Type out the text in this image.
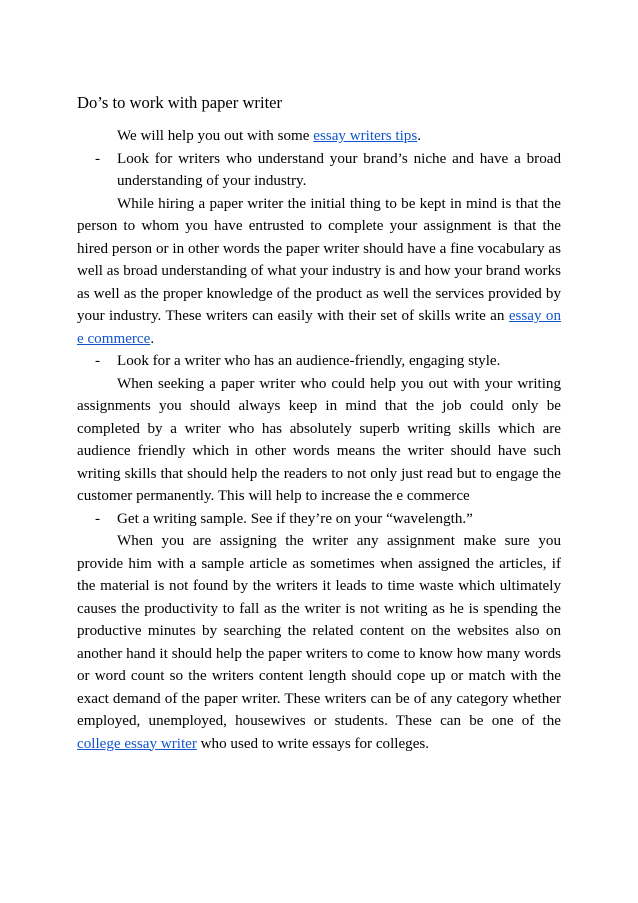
Do’s to work with paper writer

We will help you out with some essay writers tips.

- Look for writers who understand your brand’s niche and have a broad understanding of your industry.

While hiring a paper writer the initial thing to be kept in mind is that the person to whom you have entrusted to complete your assignment is that the hired person or in other words the paper writer should have a fine vocabulary as well as broad understanding of what your industry is and how your brand works as well as the proper knowledge of the product as well the services provided by your industry. These writers can easily with their set of skills write an essay on e commerce.

- Look for a writer who has an audience-friendly, engaging style.

When seeking a paper writer who could help you out with your writing assignments you should always keep in mind that the job could only be completed by a writer who has absolutely superb writing skills which are audience friendly which in other words means the writer should have such writing skills that should help the readers to not only just read but to engage the customer permanently. This will help to increase the e commerce

- Get a writing sample. See if they’re on your “wavelength.”

When you are assigning the writer any assignment make sure you provide him with a sample article as sometimes when assigned the articles, if the material is not found by the writers it leads to time waste which ultimately causes the productivity to fall as the writer is not writing as he is spending the productive minutes by searching the related content on the websites also on another hand it should help the paper writers to come to know how many words or word count so the writers content length should cope up or match with the exact demand of the paper writer. These writers can be of any category whether employed, unemployed, housewives or students. These can be one of the college essay writer who used to write essays for colleges.
